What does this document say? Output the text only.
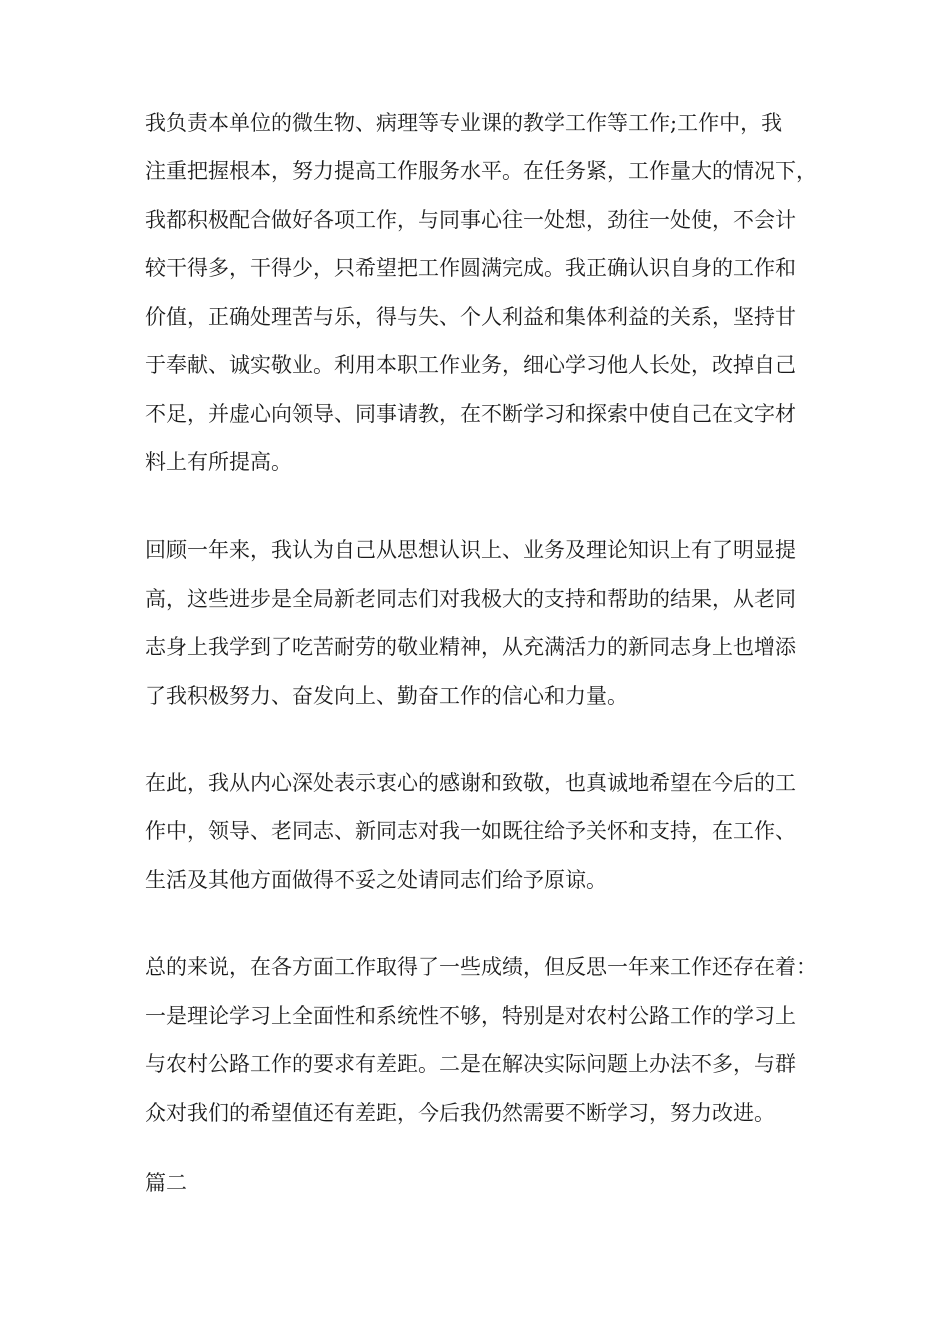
我负责本单位的微生物、病理等专业课的教学工作等工作;工作中，我
注重把握根本，努力提高工作服务水平。在任务紧，工作量大的情况下，
我都积极配合做好各项工作，与同事心往一处想，劲往一处使，不会计
较干得多，干得少，只希望把工作圆满完成。我正确认识自身的工作和
价值，正确处理苦与乐，得与失、个人利益和集体利益的关系，坚持甘
于奉献、诚实敬业。利用本职工作业务，细心学习他人长处，改掉自己
不足，并虚心向领导、同事请教，在不断学习和探索中使自己在文字材
料上有所提高。
回顾一年来，我认为自己从思想认识上、业务及理论知识上有了明显提
高，这些进步是全局新老同志们对我极大的支持和帮助的结果，从老同
志身上我学到了吃苦耐劳的敬业精神，从充满活力的新同志身上也增添
了我积极努力、奋发向上、勤奋工作的信心和力量。
在此，我从内心深处表示衷心的感谢和致敬，也真诚地希望在今后的工
作中，领导、老同志、新同志对我一如既往给予关怀和支持，在工作、
生活及其他方面做得不妥之处请同志们给予原谅。
总的来说，在各方面工作取得了一些成绩，但反思一年来工作还存在着：
一是理论学习上全面性和系统性不够，特别是对农村公路工作的学习上
与农村公路工作的要求有差距。二是在解决实际问题上办法不多，与群
众对我们的希望值还有差距，今后我仍然需要不断学习，努力改进。
篇二
